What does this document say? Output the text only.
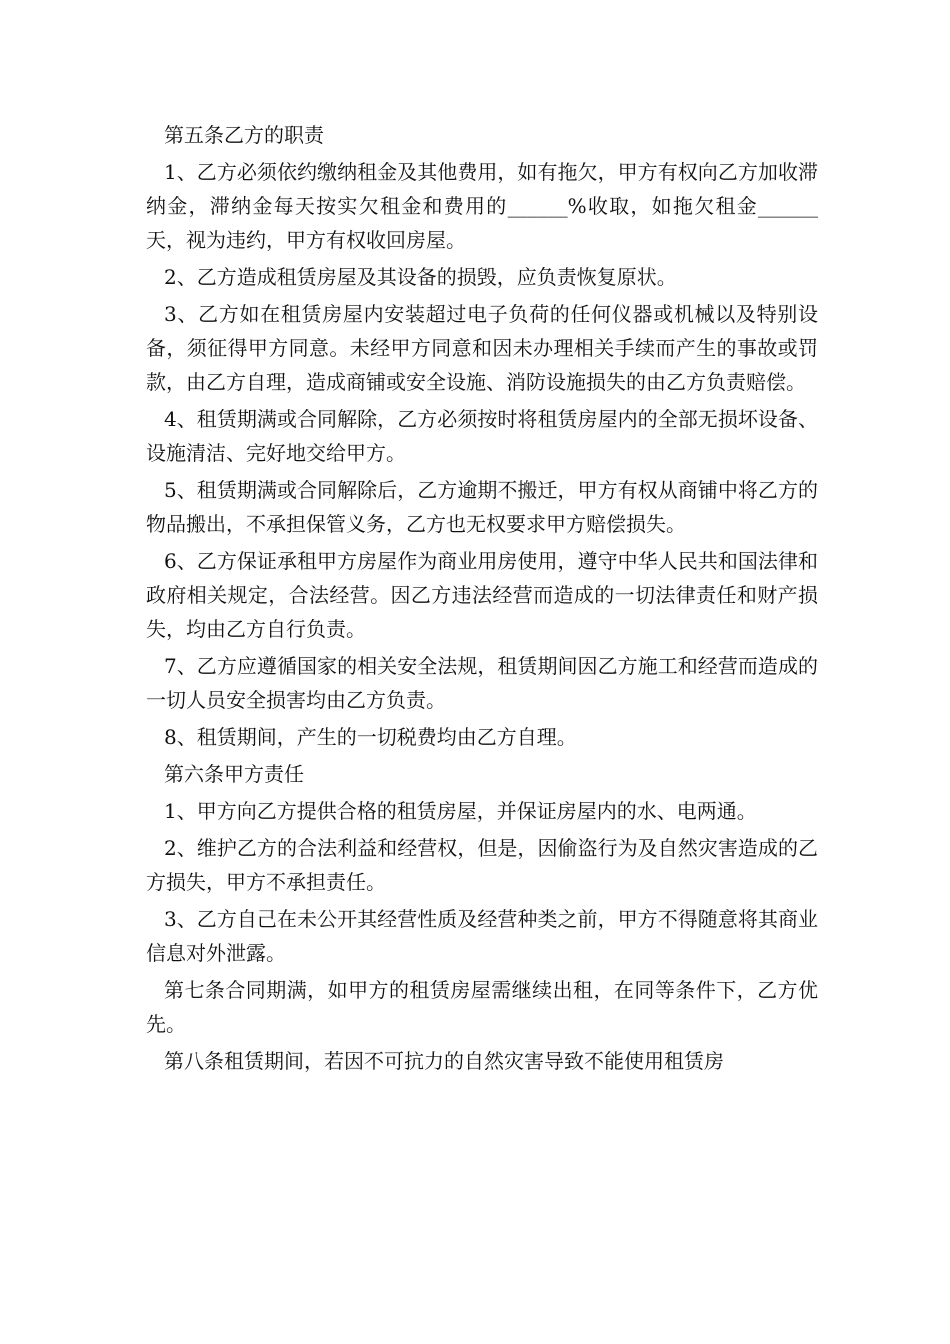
第五条乙方的职责

1、乙方必须依约缴纳租金及其他费用，如有拖欠，甲方有权向乙方加收滞纳金，滞纳金每天按实欠租金和费用的______%收取，如拖欠租金______天，视为违约，甲方有权收回房屋。

2、乙方造成租赁房屋及其设备的损毁，应负责恢复原状。

3、乙方如在租赁房屋内安装超过电子负荷的任何仪器或机械以及特别设备，须征得甲方同意。未经甲方同意和因未办理相关手续而产生的事故或罚款，由乙方自理，造成商铺或安全设施、消防设施损失的由乙方负责赔偿。

4、租赁期满或合同解除，乙方必须按时将租赁房屋内的全部无损坏设备、设施清洁、完好地交给甲方。

5、租赁期满或合同解除后，乙方逾期不搬迁，甲方有权从商铺中将乙方的物品搬出，不承担保管义务，乙方也无权要求甲方赔偿损失。

6、乙方保证承租甲方房屋作为商业用房使用，遵守中华人民共和国法律和政府相关规定，合法经营。因乙方违法经营而造成的一切法律责任和财产损失，均由乙方自行负责。

7、乙方应遵循国家的相关安全法规，租赁期间因乙方施工和经营而造成的一切人员安全损害均由乙方负责。

8、租赁期间，产生的一切税费均由乙方自理。

第六条甲方责任

1、甲方向乙方提供合格的租赁房屋，并保证房屋内的水、电两通。

2、维护乙方的合法利益和经营权，但是，因偷盗行为及自然灾害造成的乙方损失，甲方不承担责任。

3、乙方自己在未公开其经营性质及经营种类之前，甲方不得随意将其商业信息对外泄露。

第七条合同期满，如甲方的租赁房屋需继续出租，在同等条件下，乙方优先。

第八条租赁期间，若因不可抗力的自然灾害导致不能使用租赁房
